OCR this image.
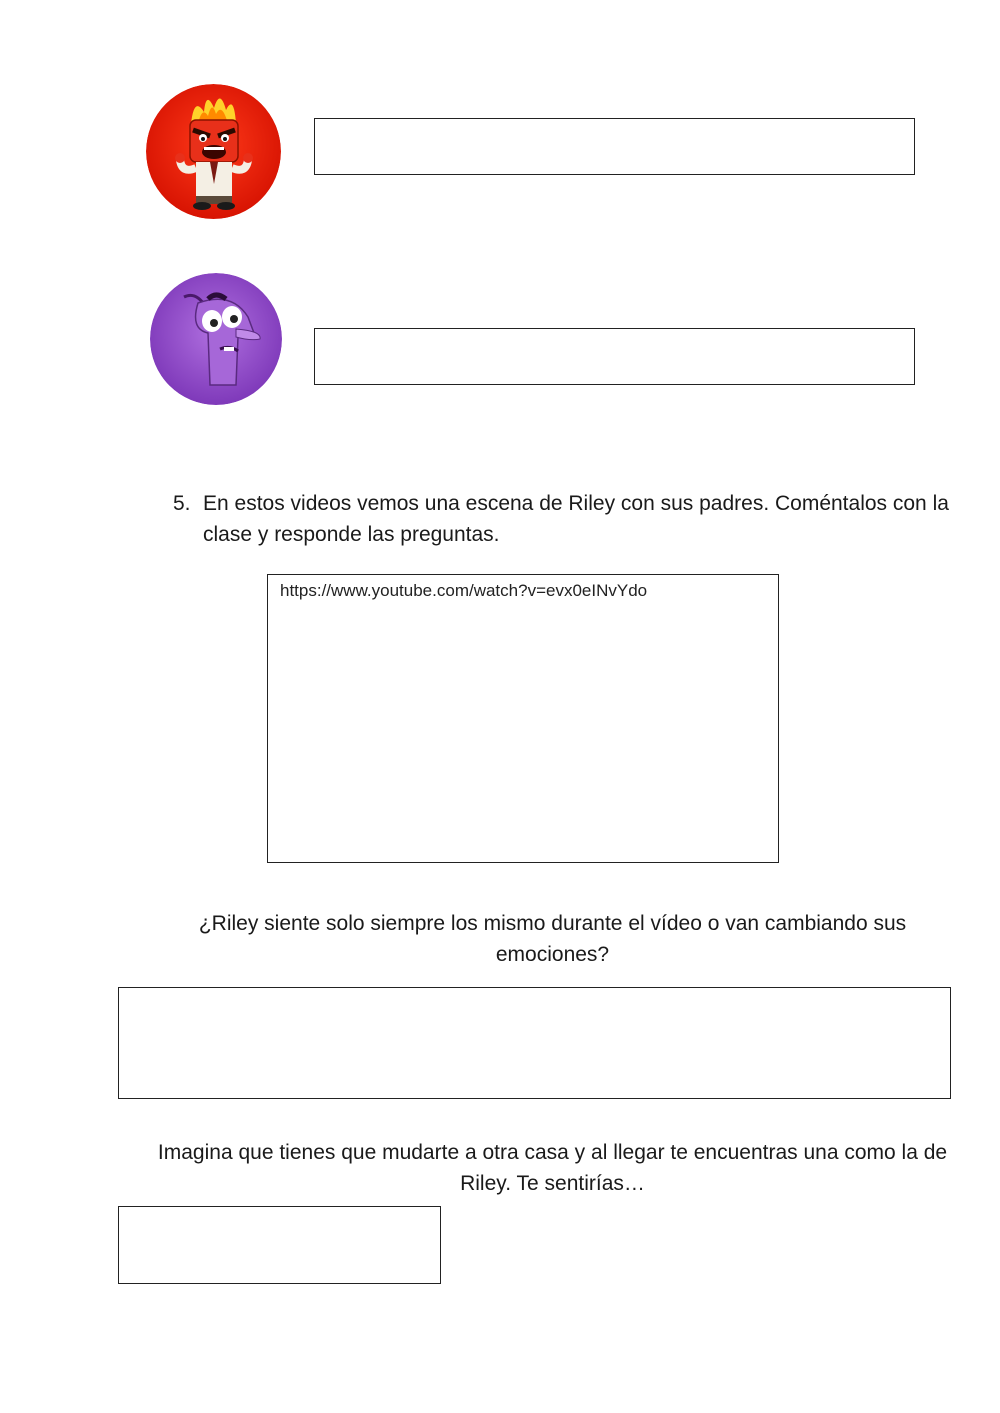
5. En estos videos vemos una escena de Riley con sus padres. Coméntalos con la
clase y responde las preguntas.
https://www.youtube.com/watch?v=evx0eINvYdo
¿Riley siente solo siempre los mismo durante el vídeo o van cambiando sus
emociones?
Imagina que tienes que mudarte a otra casa y al llegar te encuentras una como la de
Riley. Te sentirías…
